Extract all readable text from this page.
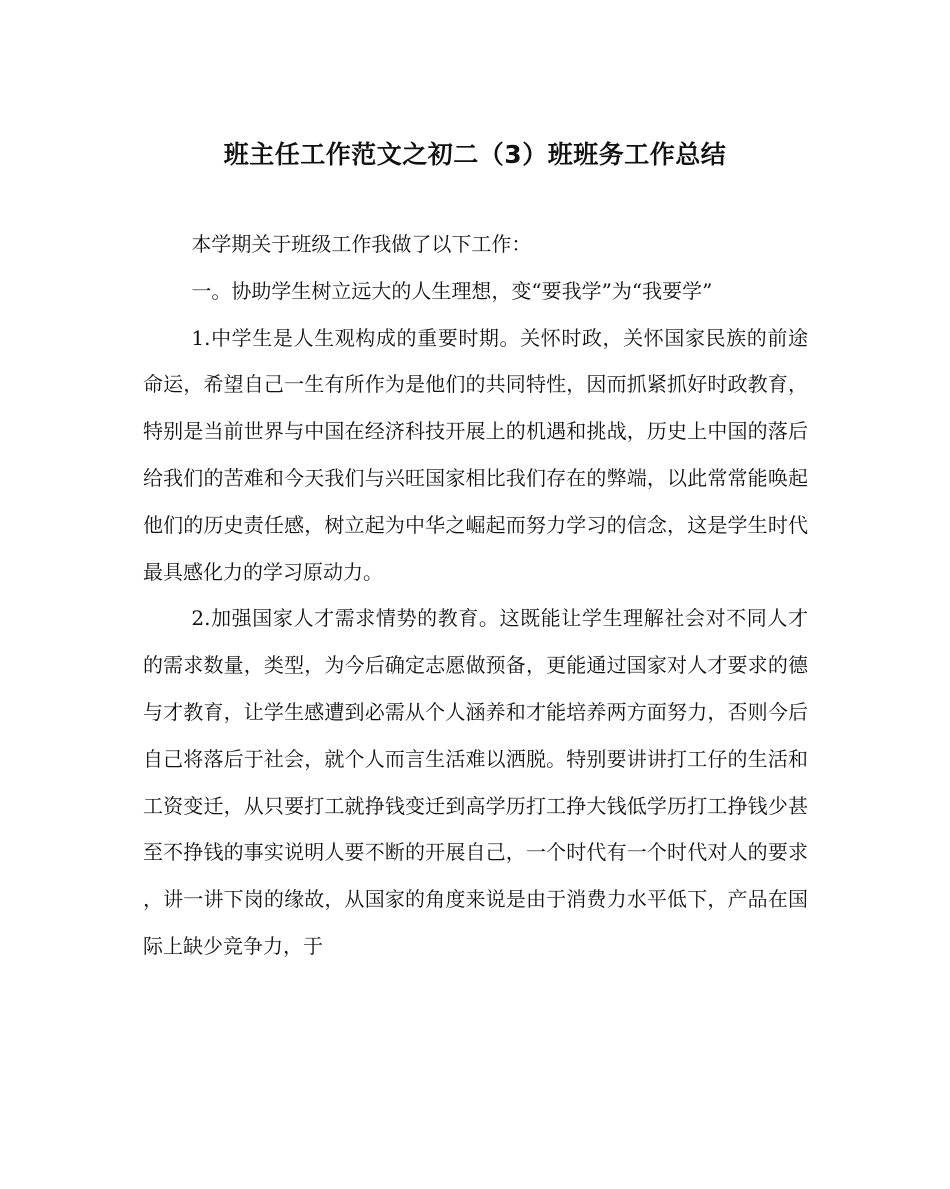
班主任工作范文之初二（3）班班务工作总结

本学期关于班级工作我做了以下工作：

一。协助学生树立远大的人生理想，变“要我学”为“我要学”

1.中学生是人生观构成的重要时期。关怀时政，关怀国家民族的前途命运，希望自己一生有所作为是他们的共同特性，因而抓紧抓好时政教育，特别是当前世界与中国在经济科技开展上的机遇和挑战，历史上中国的落后给我们的苦难和今天我们与兴旺国家相比我们存在的弊端，以此常常能唤起他们的历史责任感，树立起为中华之崛起而努力学习的信念，这是学生时代最具感化力的学习原动力。

2.加强国家人才需求情势的教育。这既能让学生理解社会对不同人才的需求数量，类型，为今后确定志愿做预备，更能通过国家对人才要求的德与才教育，让学生感遭到必需从个人涵养和才能培养两方面努力，否则今后自己将落后于社会，就个人而言生活难以洒脱。特别要讲讲打工仔的生活和工资变迁，从只要打工就挣钱变迁到高学历打工挣大钱低学历打工挣钱少甚至不挣钱的事实说明人要不断的开展自己，一个时代有一个时代对人的要求，讲一讲下岗的缘故，从国家的角度来说是由于消费力水平低下，产品在国际上缺少竞争力，于
